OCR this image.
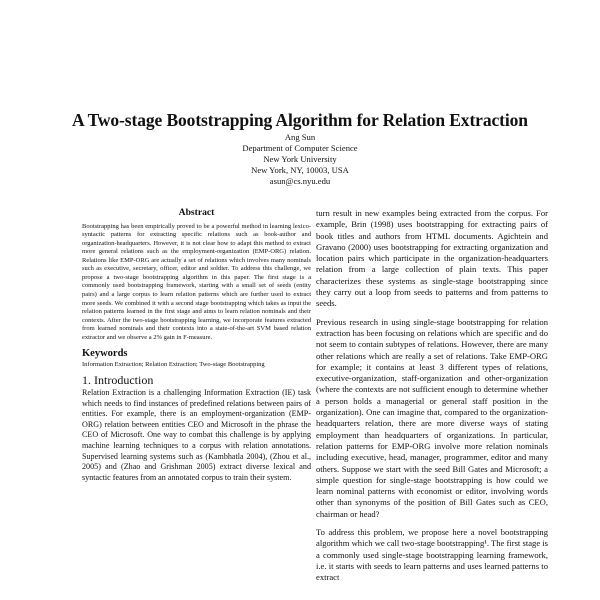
A Two-stage Bootstrapping Algorithm for Relation Extraction
Ang Sun
Department of Computer Science
New York University
New York, NY, 10003, USA
asun@cs.nyu.edu
Abstract

Bootstrapping has been empirically proved to be a powerful method in learning lexico-syntactic patterns for extracting specific relations such as book-author and organization-headquarters. However, it is not clear how to adapt this method to extract more general relations such as the employment-organization (EMP-ORG) relation. Relations like EMP-ORG are actually a set of relations which involves many nominals such as executive, secretary, officer, editor and soldier. To address this challenge, we propose a two-stage bootstrapping algorithm in this paper. The first stage is a commonly used bootstrapping framework, starting with a small set of seeds (entity pairs) and a large corpus to learn relation patterns which are further used to extract more seeds. We combined it with a second stage bootstrapping which takes as input the relation patterns learned in the first stage and aims to learn relation nominals and their contexts. After the two-stage bootstrapping learning, we incorporate features extracted from learned nominals and their contexts into a state-of-the-art SVM based relation extractor and we observe a 2% gain in F-measure.

Keywords

Information Extraction; Relation Extraction; Two-stage Bootstrapping

1. Introduction

Relation Extraction is a challenging Information Extraction (IE) task which needs to find instances of predefined relations between pairs of entities. For example, there is an employment-organization (EMP-ORG) relation between entities CEO and Microsoft in the phrase the CEO of Microsoft. One way to combat this challenge is by applying machine learning techniques to a corpus with relation annotations. Supervised learning systems such as (Kambhatla 2004), (Zhou et al., 2005) and (Zhao and Grishman 2005) extract diverse lexical and syntactic features from an annotated corpus to train their system.

turn result in new examples being extracted from the corpus. For example, Brin (1998) uses bootstrapping for extracting pairs of book titles and authors from HTML documents. Agichtein and Gravano (2000) uses bootstrapping for extracting organization and location pairs which participate in the organization-headquarters relation from a large collection of plain texts. This paper characterizes these systems as single-stage bootstrapping since they carry out a loop from seeds to patterns and from patterns to seeds.

Previous research in using single-stage bootstrapping for relation extraction has been focusing on relations which are specific and do not seem to contain subtypes of relations. However, there are many other relations which are really a set of relations. Take EMP-ORG for example; it contains at least 3 different types of relations, executive-organization, staff-organization and other-organization (where the contexts are not sufficient enough to determine whether a person holds a managerial or general staff position in the organization). One can imagine that, compared to the organization-headquarters relation, there are more diverse ways of stating employment than headquarters of organizations. In particular, relation patterns for EMP-ORG involve more relation nominals including executive, head, manager, programmer, editor and many others. Suppose we start with the seed Bill Gates and Microsoft; a simple question for single-stage bootstrapping is how could we learn nominal patterns with economist or editor, involving words other than synonyms of the position of Bill Gates such as CEO, chairman or head?

To address this problem, we propose here a novel bootstrapping algorithm which we call two-stage bootstrapping¹. The first stage is a commonly used single-stage bootstrapping learning framework, i.e. it starts with seeds to learn patterns and uses learned patterns to extract
